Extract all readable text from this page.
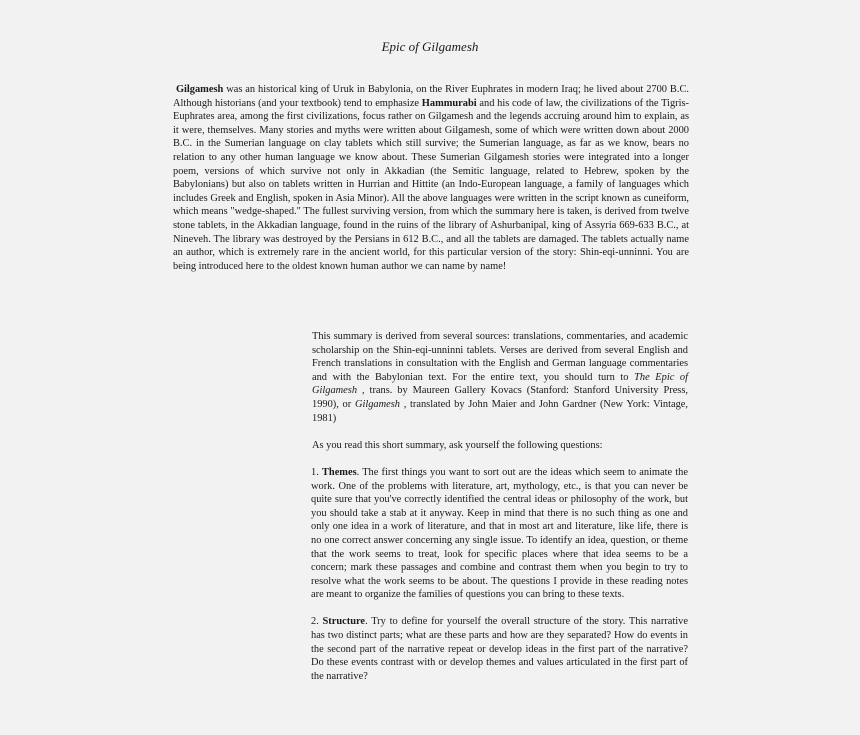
Epic of Gilgamesh

Gilgamesh was an historical king of Uruk in Babylonia, on the River Euphrates in modern Iraq; he lived about 2700 B.C. Although historians (and your textbook) tend to emphasize Hammurabi and his code of law, the civilizations of the Tigris-Euphrates area, among the first civilizations, focus rather on Gilgamesh and the legends accruing around him to explain, as it were, themselves. Many stories and myths were written about Gilgamesh, some of which were written down about 2000 B.C. in the Sumerian language on clay tablets which still survive; the Sumerian language, as far as we know, bears no relation to any other human language we know about. These Sumerian Gilgamesh stories were integrated into a longer poem, versions of which survive not only in Akkadian (the Semitic language, related to Hebrew, spoken by the Babylonians) but also on tablets written in Hurrian and Hittite (an Indo-European language, a family of languages which includes Greek and English, spoken in Asia Minor). All the above languages were written in the script known as cuneiform, which means "wedge-shaped." The fullest surviving version, from which the summary here is taken, is derived from twelve stone tablets, in the Akkadian language, found in the ruins of the library of Ashurbanipal, king of Assyria 669-633 B.C., at Nineveh. The library was destroyed by the Persians in 612 B.C., and all the tablets are damaged. The tablets actually name an author, which is extremely rare in the ancient world, for this particular version of the story: Shin-eqi-unninni. You are being introduced here to the oldest known human author we can name by name!

This summary is derived from several sources: translations, commentaries, and academic scholarship on the Shin-eqi-unninni tablets. Verses are derived from several English and French translations in consultation with the English and German language commentaries and with the Babylonian text. For the entire text, you should turn to The Epic of Gilgamesh , trans. by Maureen Gallery Kovacs (Stanford: Stanford University Press, 1990), or Gilgamesh , translated by John Maier and John Gardner (New York: Vintage, 1981)

As you read this short summary, ask yourself the following questions:

1. Themes. The first things you want to sort out are the ideas which seem to animate the work. One of the problems with literature, art, mythology, etc., is that you can never be quite sure that you've correctly identified the central ideas or philosophy of the work, but you should take a stab at it anyway. Keep in mind that there is no such thing as one and only one idea in a work of literature, and that in most art and literature, like life, there is no one correct answer concerning any single issue. To identify an idea, question, or theme that the work seems to treat, look for specific places where that idea seems to be a concern; mark these passages and combine and contrast them when you begin to try to resolve what the work seems to be about. The questions I provide in these reading notes are meant to organize the families of questions you can bring to these texts.

2. Structure. Try to define for yourself the overall structure of the story. This narrative has two distinct parts; what are these parts and how are they separated? How do events in the second part of the narrative repeat or develop ideas in the first part of the narrative? Do these events contrast with or develop themes and values articulated in the first part of the narrative?
